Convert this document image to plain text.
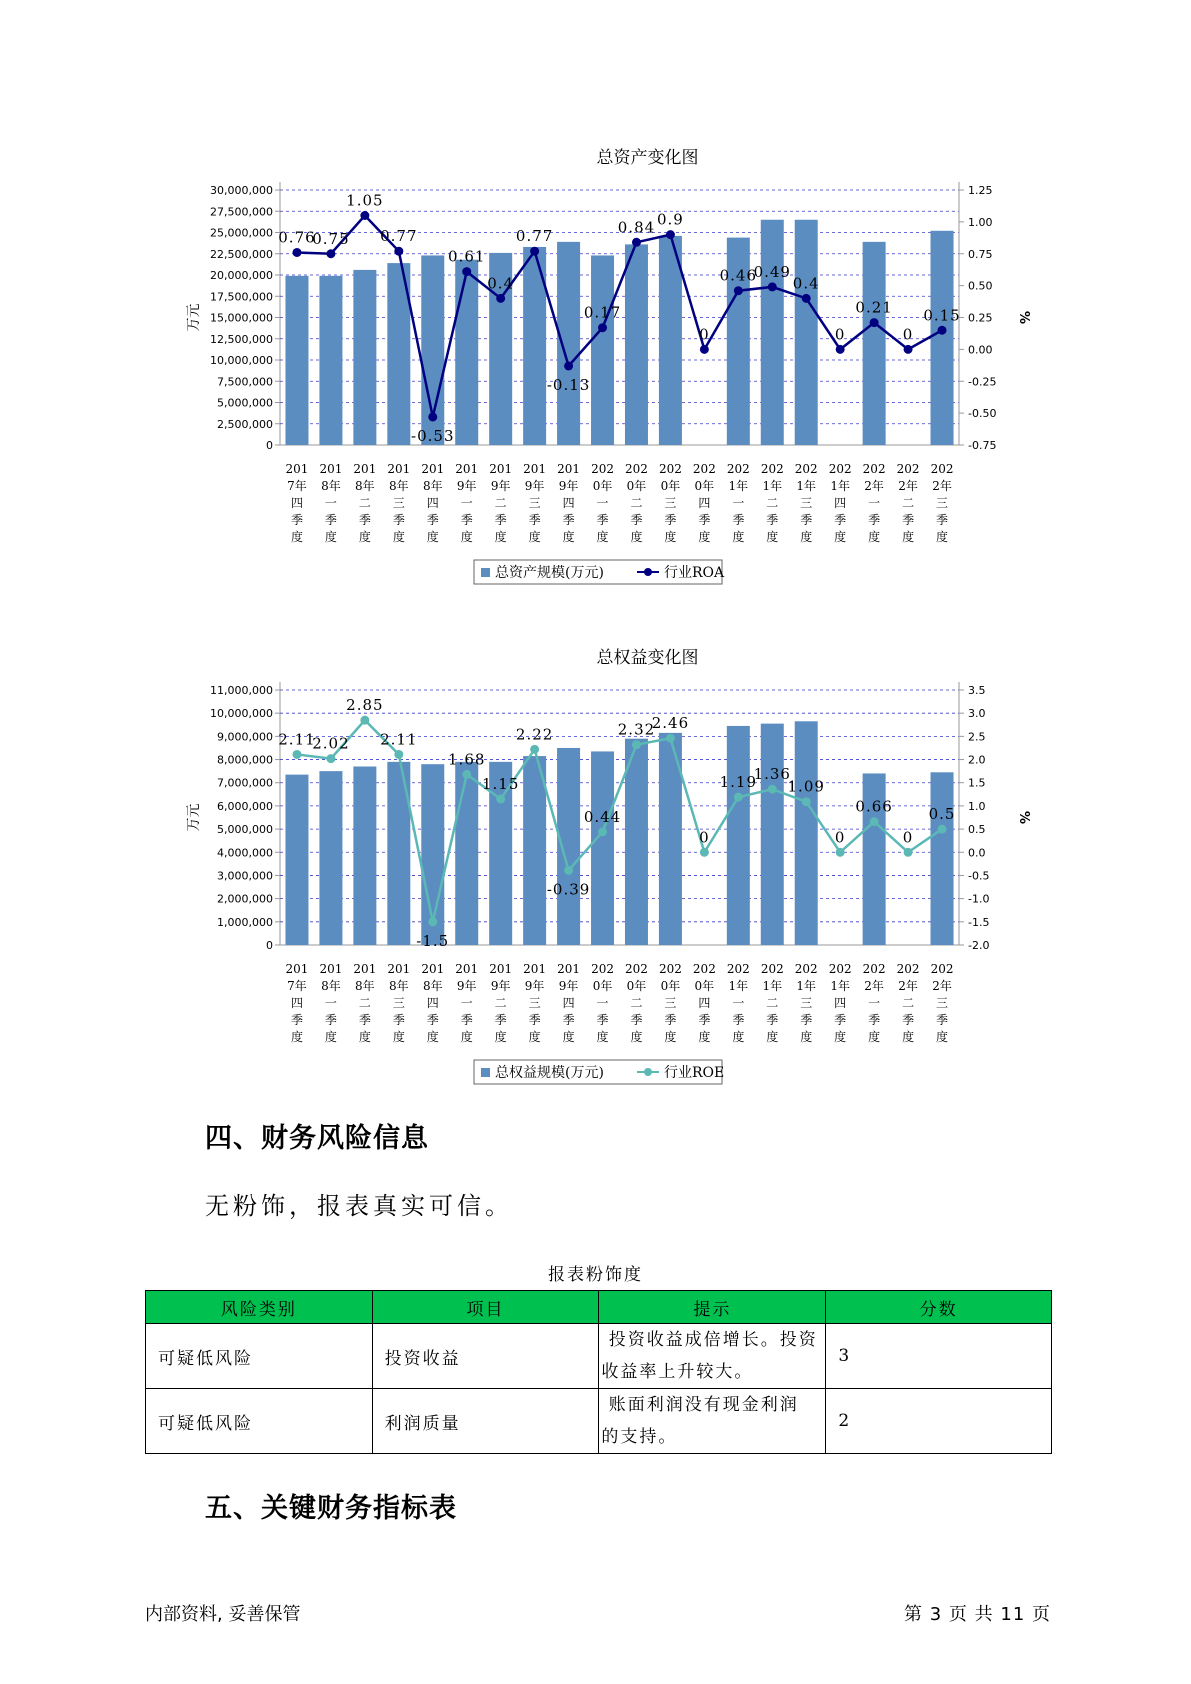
总资产变化图
30,000,000
27,500,000
25,000,000
22,500,000
20,000,000
17,500,000
15,000,000
12,500,000
10,000,000
7,500,000
5,000,000
2,500,000
0
1.25
1.00
0.75
0.50
0.25
0.00
-0.25
-0.50
-0.75
万元	%
201 7年四季度
201 8年一季度
201 8年二季度
201 8年三季度
201 8年四季度
201 9年一季度
201 9年二季度
201 9年三季度
201 9年四季度
202 0年一季度
202 0年二季度
202 0年三季度
202 0年四季度
202 1年一季度
202 1年二季度
202 1年三季度
202 1年四季度
202 2年一季度
202 2年二季度
202 2年三季度
0.76
0.75
1.05
0.77
-0.53
0.61
0.4
0.77
-0.13
0.17
0.84 0.9
0
0.46
0.49
0.4
0
0.21
0
0.15
总资产规模(万元)	行业ROA
总权益变化图
11,000,000
10,000,000
9,000,000
8,000,000
7,000,000
6,000,000
5,000,000
4,000,000
3,000,000
2,000,000
1,000,000
0
3.5
3.0
2.5
2.0
1.5
1.0
0.5
0.0
-0.5
-1.0
-1.5
-2.0
万元	%
201 7年四季度
201 8年一季度
201 8年二季度
201 8年三季度
201 8年四季度
201 9年一季度
201 9年二季度
201 9年三季度
201 9年四季度
202 0年一季度
202 0年二季度
202 0年三季度
202 0年四季度
202 1年一季度
202 1年二季度
202 1年三季度
202 1年四季度
202 2年一季度
202 2年二季度
202 2年三季度
2.11
2.02
2.85
2.11
-1.5
1.68
1.15
2.22
-0.39
0.44
2.32
2.46
0
1.19
1.36
1.09
0
0.66
0
0.5
总权益规模(万元)	行业ROE
四、财务风险信息
无粉饰，报表真实可信。
报表粉饰度
风险类别	项目	提示	分数
可疑低风险	投资收益	投资收益成倍增长。投资
收益率上升较大。	3
可疑低风险	利润质量	账面利润没有现金利润
的支持。	2
五、关键财务指标表
内部资料, 妥善保管	第 3 页 共 11 页
